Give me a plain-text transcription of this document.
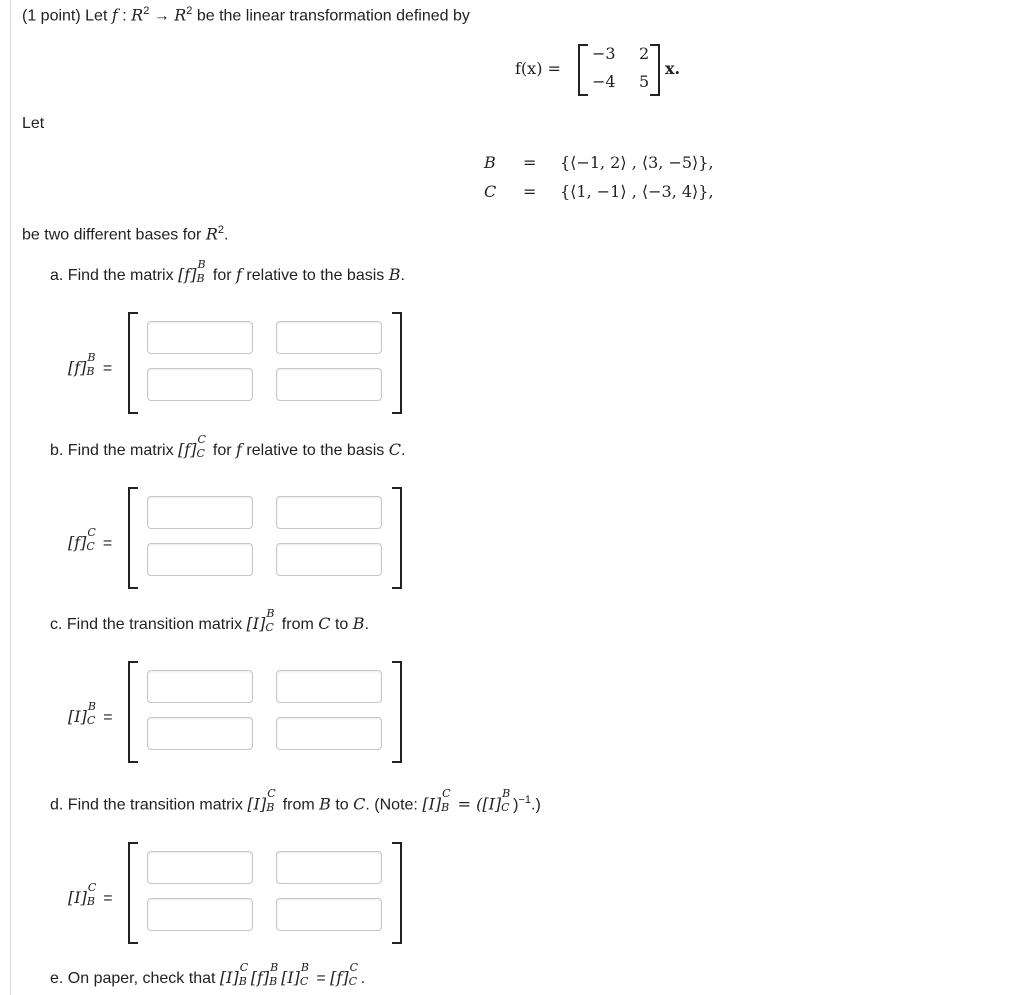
(1 point) Let f : $R^2 \to R^2$ be the linear transformation defined by
f(x) =
−3 2
−4 5
x.
Let
B = {⟨−1, 2⟩ , ⟨3, −5⟩},
C = {⟨1, −1⟩ , ⟨−3, 4⟩},
be two different bases for $R^2$.
a. Find the matrix [f]
B
B for f relative to the basis B.
[f]
B
B =
b. Find the matrix [f]
C
C for f relative to the basis C.
[f]
C
C =
c. Find the transition matrix [I]
B
C from C to B.
[I]
B
C =
d. Find the transition matrix [I]
C
B from B to C. (Note: [I]
C
B = ([I]
B
C )$^{-1}$.)
[I]
C
B =
e. On paper, check that [I]
C
B [f]
B
B [I]
B
C = [f]
C
C .
